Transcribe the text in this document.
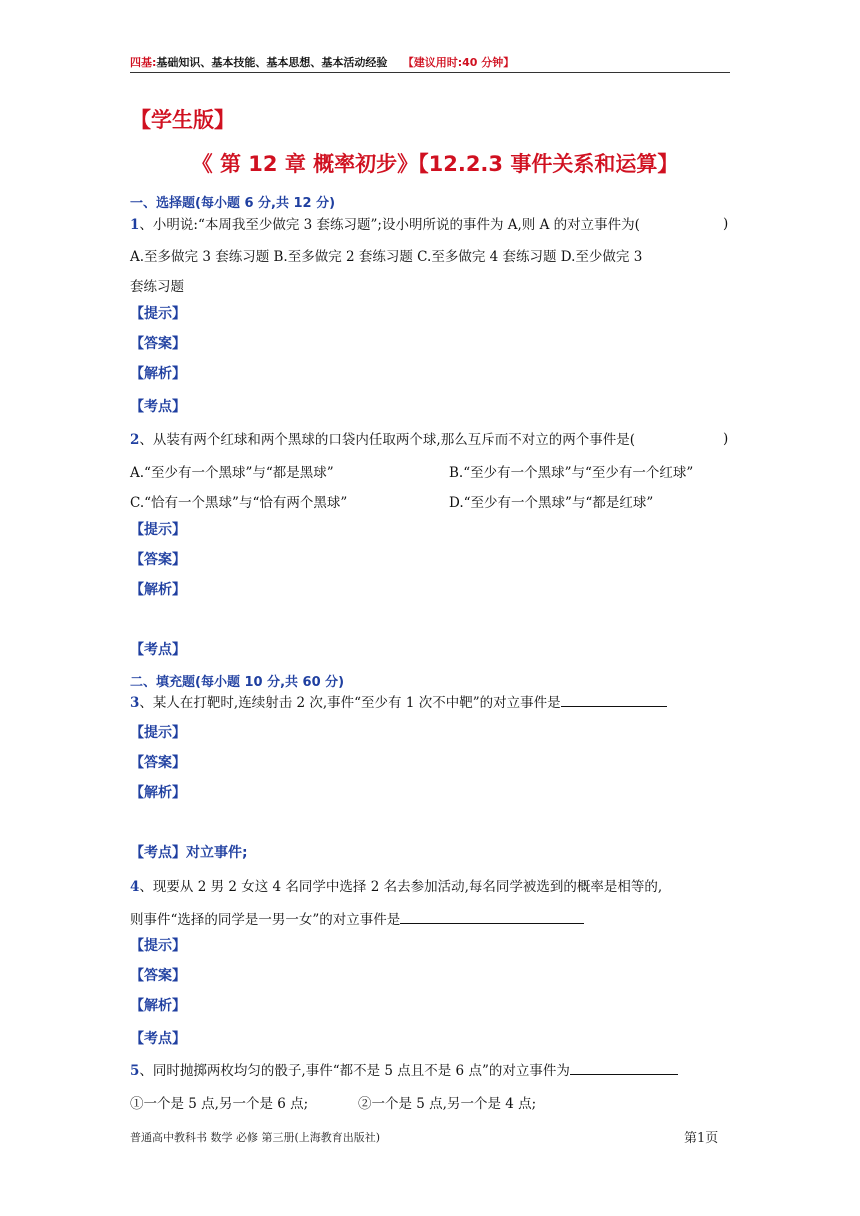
四基:基础知识、基本技能、基本思想、基本活动经验 【建议用时:40 分钟】
【学生版】
《 第 12 章 概率初步》【12.2.3 事件关系和运算】
一、选择题(每小题 6 分,共 12 分)
1、小明说:“本周我至少做完 3 套练习题”;设小明所说的事件为 A,则 A 的对立事件为(	)
A.至多做完 3 套练习题 B.至多做完 2 套练习题 C.至多做完 4 套练习题 D.至少做完 3
套练习题
【提示】
【答案】
【解析】
【考点】
2、从装有两个红球和两个黑球的口袋内任取两个球,那么互斥而不对立的两个事件是(	)
A.“至少有一个黑球”与“都是黑球”	B.“至少有一个黑球”与“至少有一个红球”
C.“恰有一个黑球”与“恰有两个黑球”	D.“至少有一个黑球”与“都是红球”
【提示】
【答案】
【解析】
【考点】
二、填充题(每小题 10 分,共 60 分)
3、某人在打靶时,连续射击 2 次,事件“至少有 1 次不中靶”的对立事件是
【提示】
【答案】
【解析】
【考点】对立事件;
4、现要从 2 男 2 女这 4 名同学中选择 2 名去参加活动,每名同学被选到的概率是相等的,
则事件“选择的同学是一男一女”的对立事件是
【提示】
【答案】
【解析】
【考点】
5、同时抛掷两枚均匀的骰子,事件“都不是 5 点且不是 6 点”的对立事件为
①一个是 5 点,另一个是 6 点;	②一个是 5 点,另一个是 4 点;
普通高中教科书 数学 必修 第三册(上海教育出版社)	第1页
